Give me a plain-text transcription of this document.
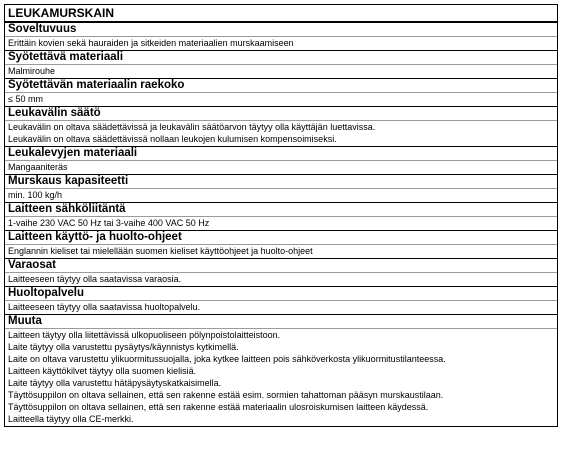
LEUKAMURSKAIN
Soveltuvuus
Erittäin kovien sekä hauraiden ja sitkeiden materiaalien murskaamiseen
Syötettävä materiaali
Malmirouhe
Syötettävän materiaalin raekoko
≤ 50 mm
Leukavälin säätö
Leukavälin on oltava säädettävissä ja leukavälin säätöarvon täytyy olla käyttäjän luettavissa.
Leukavälin on oltava säädettävissä nollaan leukojen kulumisen kompensoimiseksi.
Leukalevyjen materiaali
Mangaaniteräs
Murskaus kapasiteetti
min. 100 kg/h
Laitteen sähköliitäntä
1-vaihe 230 VAC 50 Hz tai 3-vaihe 400 VAC 50 Hz
Laitteen käyttö- ja huolto-ohjeet
Englannin kieliset tai mielellään suomen kieliset käyttöohjeet ja huolto-ohjeet
Varaosat
Laitteeseen täytyy olla saatavissa varaosia.
Huoltopalvelu
Laitteeseen täytyy olla saatavissa huoltopalvelu.
Muuta
Laitteen täytyy olla liitettävissä ulkopuoliseen pölynpoistolaitteistoon.
Laite täytyy olla varustettu pysäytys/käynnistys kytkimellä.
Laite on oltava varustettu ylikuormitussuojalla, joka kytkee laitteen pois sähköverkosta ylikuormitustilanteessa.
Laitteen käyttökilvet täytyy olla suomen kielisiä.
Laite täytyy olla varustettu hätäpysäytyskatkaisimella.
Täyttösuppilon on oltava sellainen, että sen rakenne estää esim. sormien tahattoman pääsyn murskaustilaan.
Täyttösuppilon on oltava sellainen, että sen rakenne estää materiaalin ulosroiskumisen laitteen käydessä.
Laitteella täytyy olla CE-merkki.
